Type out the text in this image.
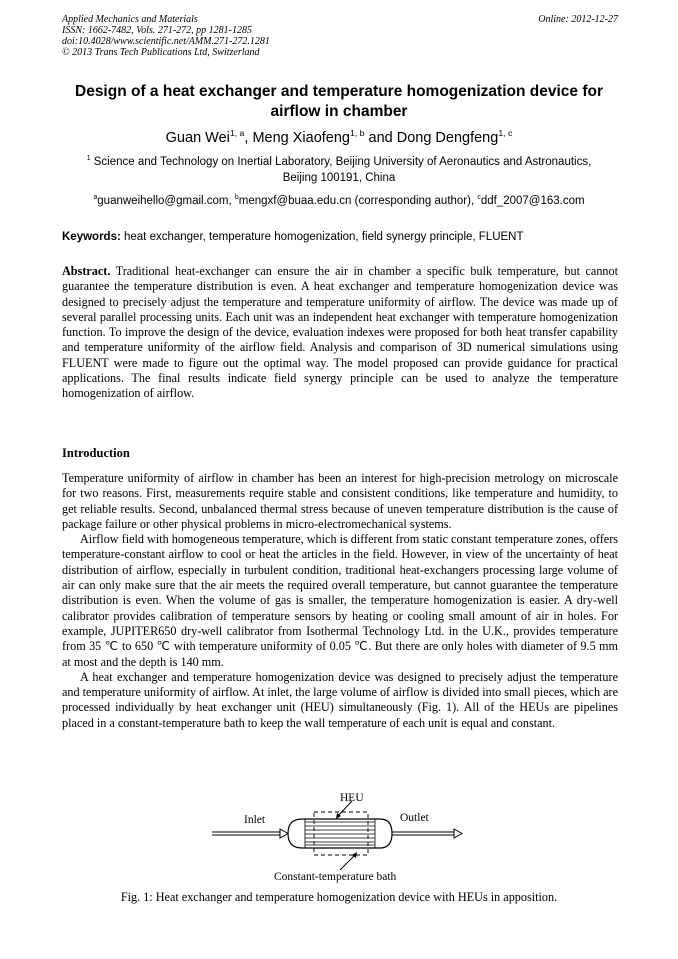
Applied Mechanics and Materials
ISSN: 1662-7482, Vols. 271-272, pp 1281-1285
doi:10.4028/www.scientific.net/AMM.271-272.1281
© 2013 Trans Tech Publications Ltd, Switzerland
Online: 2012-12-27
Design of a heat exchanger and temperature homogenization device for
airflow in chamber
Guan Wei$^{1, a}$, Meng Xiaofeng$^{1, b}$ and Dong Dengfeng$^{1, c}$
$^1$ Science and Technology on Inertial Laboratory, Beijing University of Aeronautics and Astronautics,
Beijing 100191, China
$^a$guanweihello@gmail.com, $^b$mengxf@buaa.edu.cn (corresponding author), $^c$ddf_2007@163.com
Keywords: heat exchanger, temperature homogenization, field synergy principle, FLUENT
Abstract. Traditional heat-exchanger can ensure the air in chamber a specific bulk temperature, but cannot guarantee the temperature distribution is even. A heat exchanger and temperature homogenization device was designed to precisely adjust the temperature and temperature uniformity of airflow. The device was made up of several parallel processing units. Each unit was an independent heat exchanger with temperature homogenization function. To improve the design of the device, evaluation indexes were proposed for both heat transfer capability and temperature uniformity of the airflow field. Analysis and comparison of 3D numerical simulations using FLUENT were made to figure out the optimal way. The model proposed can provide guidance for practical applications. The final results indicate field synergy principle can be used to analyze the temperature homogenization of airflow.
Introduction

Temperature uniformity of airflow in chamber has been an interest for high-precision metrology on microscale for two reasons. First, measurements require stable and consistent conditions, like temperature and humidity, to get reliable results. Second, unbalanced thermal stress because of uneven temperature distribution is the cause of package failure or other physical problems in micro-electromechanical systems.

Airflow field with homogeneous temperature, which is different from static constant temperature zones, offers temperature-constant airflow to cool or heat the articles in the field. However, in view of the uncertainty of heat distribution of airflow, especially in turbulent condition, traditional heat-exchangers processing large volume of air can only make sure that the air meets the required overall temperature, but cannot guarantee the temperature distribution is even. When the volume of gas is smaller, the temperature homogenization is easier. A dry-well calibrator provides calibration of temperature sensors by heating or cooling small amount of air in holes. For example, JUPITER650 dry-well calibrator from Isothermal Technology Ltd. in the U.K., provides temperature from 35 ℃ to 650 ℃ with temperature uniformity of 0.05 ℃. But there are only holes with diameter of 9.5 mm at most and the depth is 140 mm.

A heat exchanger and temperature homogenization device was designed to precisely adjust the temperature and temperature uniformity of airflow. At inlet, the large volume of airflow is divided into small pieces, which are processed individually by heat exchanger unit (HEU) simultaneously (Fig. 1). All of the HEUs are pipelines placed in a constant-temperature bath to keep the wall temperature of each unit is equal and constant.

HEU
Inlet	Outlet
Constant-temperature bath
Fig. 1: Heat exchanger and temperature homogenization device with HEUs in apposition.
